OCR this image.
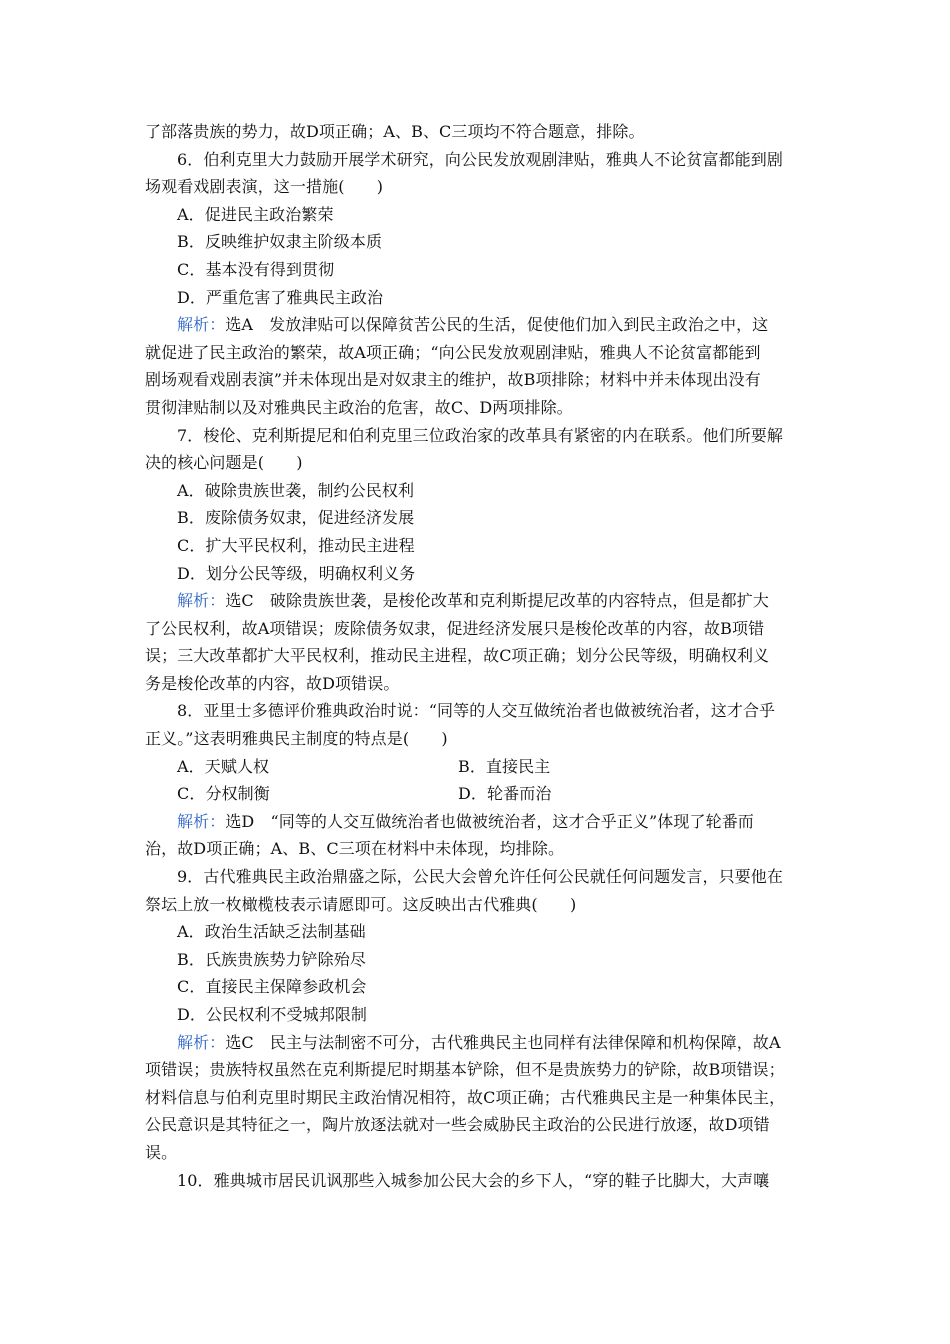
了部落贵族的势力，故D项正确；A、B、C三项均不符合题意，排除。
6．伯利克里大力鼓励开展学术研究，向公民发放观剧津贴，雅典人不论贫富都能到剧
场观看戏剧表演，这一措施(　　)
A．促进民主政治繁荣
B．反映维护奴隶主阶级本质
C．基本没有得到贯彻
D．严重危害了雅典民主政治
解析：选A　发放津贴可以保障贫苦公民的生活，促使他们加入到民主政治之中，这
就促进了民主政治的繁荣，故A项正确；“向公民发放观剧津贴，雅典人不论贫富都能到
剧场观看戏剧表演”并未体现出是对奴隶主的维护，故B项排除；材料中并未体现出没有
贯彻津贴制以及对雅典民主政治的危害，故C、D两项排除。
7．梭伦、克利斯提尼和伯利克里三位政治家的改革具有紧密的内在联系。他们所要解
决的核心问题是(　　)
A．破除贵族世袭，制约公民权利
B．废除债务奴隶，促进经济发展
C．扩大平民权利，推动民主进程
D．划分公民等级，明确权利义务
解析：选C　破除贵族世袭，是梭伦改革和克利斯提尼改革的内容特点，但是都扩大
了公民权利，故A项错误；废除债务奴隶，促进经济发展只是梭伦改革的内容，故B项错
误；三大改革都扩大平民权利，推动民主进程，故C项正确；划分公民等级，明确权利义
务是梭伦改革的内容，故D项错误。
8．亚里士多德评价雅典政治时说：“同等的人交互做统治者也做被统治者，这才合乎
正义。”这表明雅典民主制度的特点是(　　)
A．天赋人权	B．直接民主
C．分权制衡	D．轮番而治
解析：选D　“同等的人交互做统治者也做被统治者，这才合乎正义”体现了轮番而
治，故D项正确；A、B、C三项在材料中未体现，均排除。
9．古代雅典民主政治鼎盛之际，公民大会曾允许任何公民就任何问题发言，只要他在
祭坛上放一枚橄榄枝表示请愿即可。这反映出古代雅典(　　)
A．政治生活缺乏法制基础
B．氏族贵族势力铲除殆尽
C．直接民主保障参政机会
D．公民权利不受城邦限制
解析：选C　民主与法制密不可分，古代雅典民主也同样有法律保障和机构保障，故A
项错误；贵族特权虽然在克利斯提尼时期基本铲除，但不是贵族势力的铲除，故B项错误；
材料信息与伯利克里时期民主政治情况相符，故C项正确；古代雅典民主是一种集体民主，
公民意识是其特征之一，陶片放逐法就对一些会威胁民主政治的公民进行放逐，故D项错
误。
10．雅典城市居民讥讽那些入城参加公民大会的乡下人，“穿的鞋子比脚大，大声嚷
